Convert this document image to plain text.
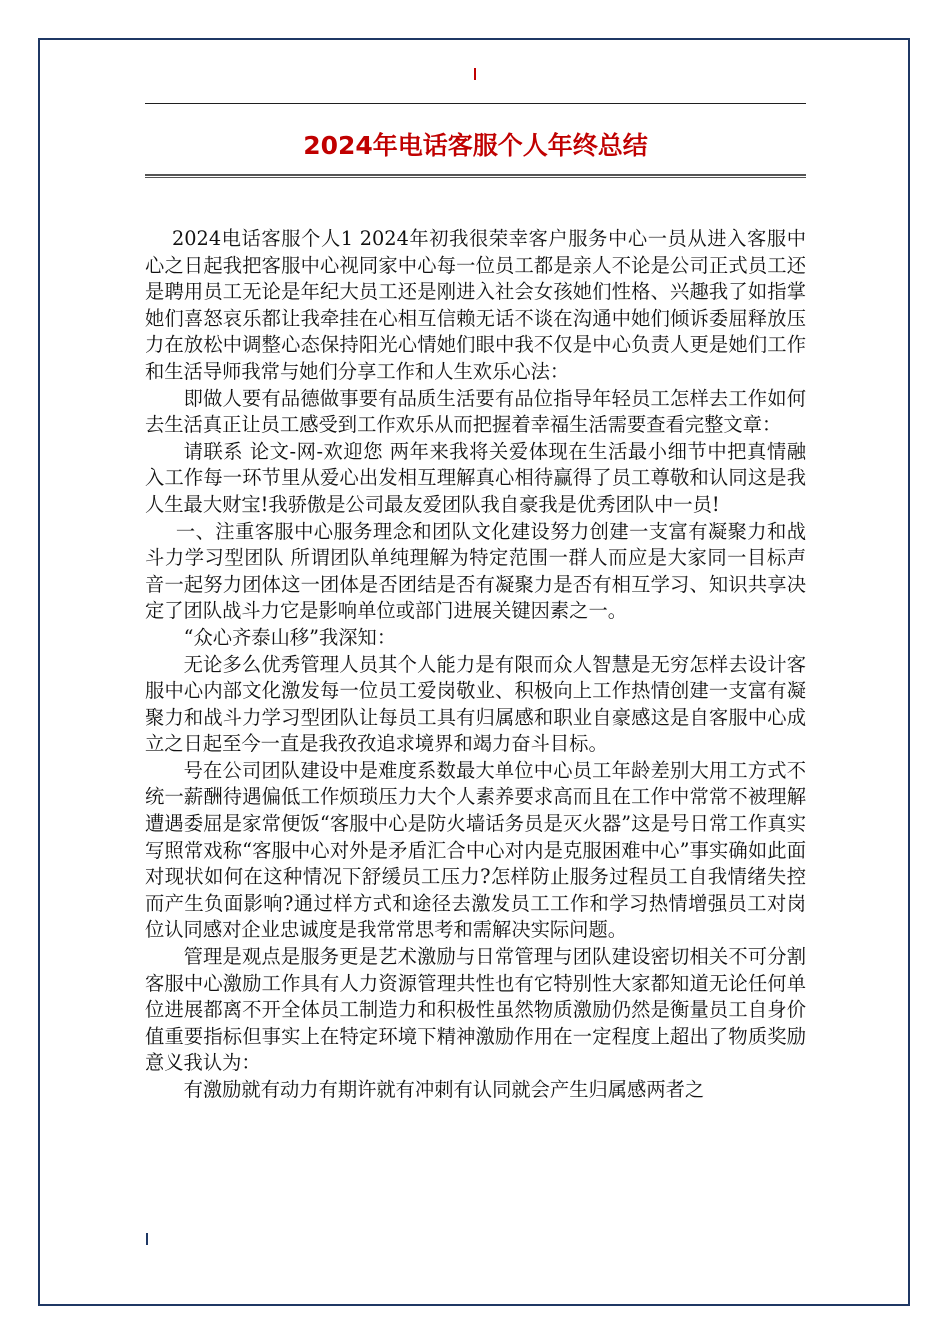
2024年电话客服个人年终总结

2024电话客服个人1 2024年初我很荣幸客户服务中心一员从进入客服中心之日起我把客服中心视同家中心每一位员工都是亲人不论是公司正式员工还是聘用员工无论是年纪大员工还是刚进入社会女孩她们性格、兴趣我了如指掌她们喜怒哀乐都让我牵挂在心相互信赖无话不谈在沟通中她们倾诉委屈释放压力在放松中调整心态保持阳光心情她们眼中我不仅是中心负责人更是她们工作和生活导师我常与她们分享工作和人生欢乐心法：

即做人要有品德做事要有品质生活要有品位指导年轻员工怎样去工作如何去生活真正让员工感受到工作欢乐从而把握着幸福生活需要查看完整文章：

请联系 论文-网-欢迎您 两年来我将关爱体现在生活最小细节中把真情融入工作每一环节里从爱心出发相互理解真心相待赢得了员工尊敬和认同这是我人生最大财宝!我骄傲是公司最友爱团队我自豪我是优秀团队中一员!

一、注重客服中心服务理念和团队文化建设努力创建一支富有凝聚力和战斗力学习型团队 所谓团队单纯理解为特定范围一群人而应是大家同一目标声音一起努力团体这一团体是否团结是否有凝聚力是否有相互学习、知识共享决定了团队战斗力它是影响单位或部门进展关键因素之一。

“众心齐泰山移”我深知：

无论多么优秀管理人员其个人能力是有限而众人智慧是无穷怎样去设计客服中心内部文化激发每一位员工爱岗敬业、积极向上工作热情创建一支富有凝聚力和战斗力学习型团队让每员工具有归属感和职业自豪感这是自客服中心成立之日起至今一直是我孜孜追求境界和竭力奋斗目标。

号在公司团队建设中是难度系数最大单位中心员工年龄差别大用工方式不统一薪酬待遇偏低工作烦琐压力大个人素养要求高而且在工作中常常不被理解遭遇委屈是家常便饭“客服中心是防火墙话务员是灭火器”这是号日常工作真实写照常戏称“客服中心对外是矛盾汇合中心对内是克服困难中心”事实确如此面对现状如何在这种情况下舒缓员工压力?怎样防止服务过程员工自我情绪失控而产生负面影响?通过样方式和途径去激发员工工作和学习热情增强员工对岗位认同感对企业忠诚度是我常常思考和需解决实际问题。

管理是观点是服务更是艺术激励与日常管理与团队建设密切相关不可分割客服中心激励工作具有人力资源管理共性也有它特别性大家都知道无论任何单位进展都离不开全体员工制造力和积极性虽然物质激励仍然是衡量员工自身价值重要指标但事实上在特定环境下精神激励作用在一定程度上超出了物质奖励意义我认为：

有激励就有动力有期许就有冲刺有认同就会产生归属感两者之
